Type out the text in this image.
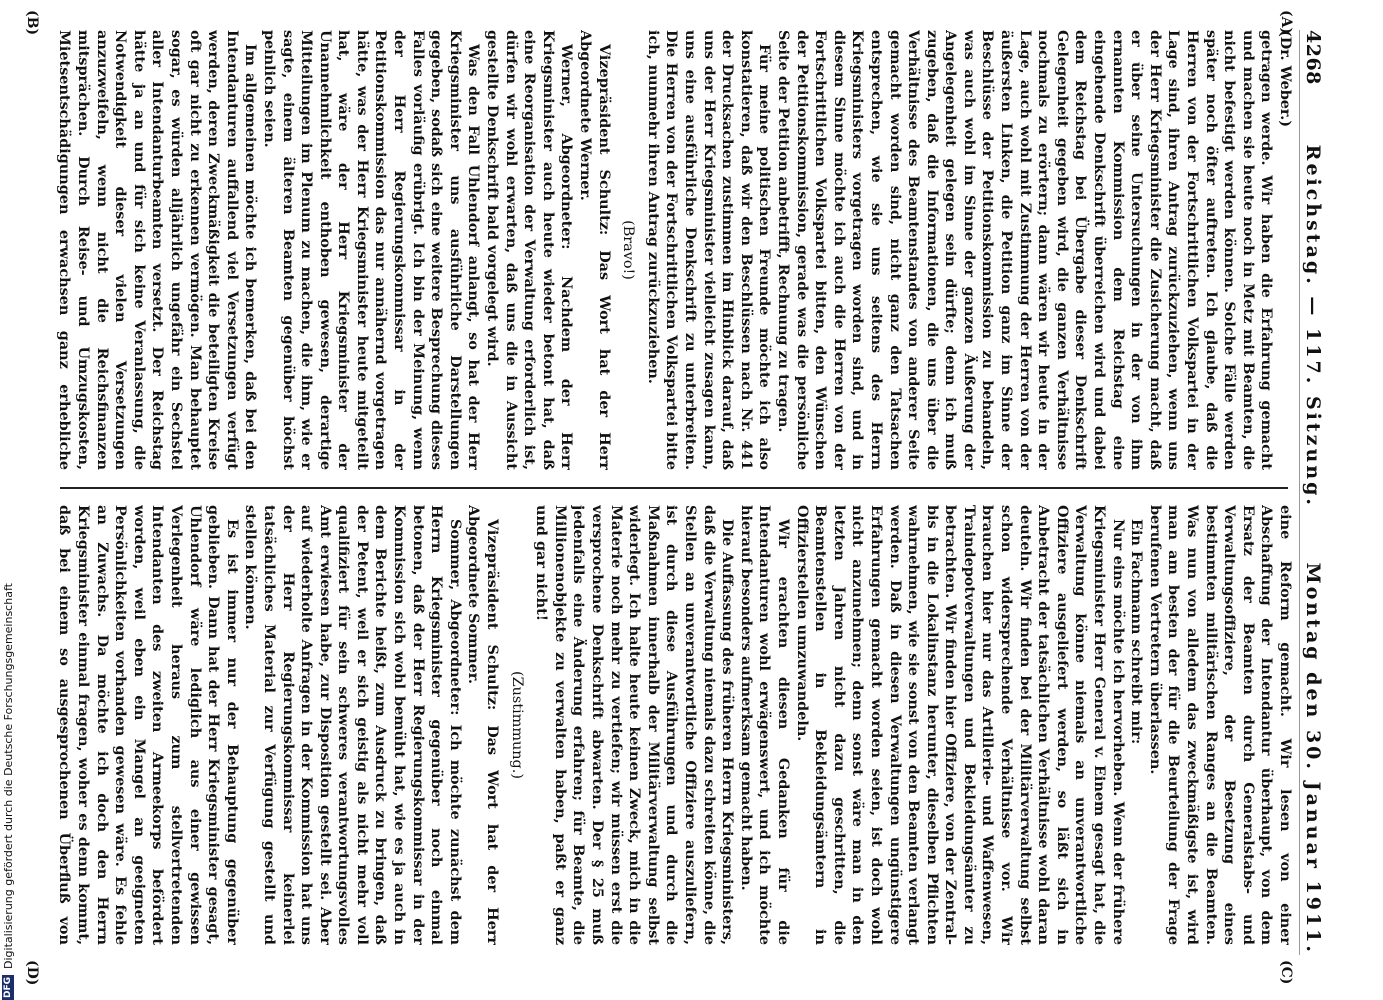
4268
Reichstag. — 117. Sitzung.
Montag den 30. Januar 1911.
(A)
(B)
(C)
(D)

(Dr. Weber.)

getragen werde. Wir haben die Erfahrung gemacht und machen sie heute noch in Metz mit Beamten, die nicht befestigt werden können. Solche Fälle werden später noch öfter auftreten. Ich glaube, daß die Herren von der Fortschrittlichen Volkspartei in der Lage sind, ihren Antrag zurückzuziehen, wenn uns der Herr Kriegsminister die Zusicherung macht, daß er über seine Untersuchungen in der von ihm ernannten Kommission dem Reichstag eine eingehende Denkschrift überreichen wird und dabei dem Reichstag bei Übergabe dieser Denkschrift Gelegenheit gegeben wird, die ganzen Verhältnisse nochmals zu erörtern; dann wären wir heute in der Lage, auch wohl mit Zustimmung der Herren von der äußersten Linken, die Petition ganz im Sinne der Beschlüsse der Petitionskommission zu behandeln, was auch wohl im Sinne der ganzen Äußerung der Angelegenheit gelegen sein dürfte; denn ich muß zugeben, daß die Informationen, die uns über die Verhältnisse des Beamtenstandes von anderer Seite gemacht worden sind, nicht ganz den Tatsachen entsprechen, wie sie uns seitens des Herrn Kriegsministers vorgetragen worden sind, und in diesem Sinne möchte ich auch die Herren von der Fortschrittlichen Volkspartei bitten, den Wünschen der Petitionskommission, gerade was die persönliche Seite der Petition anbetrifft, Rechnung zu tragen.

Für meine politischen Freunde möchte ich also konstatieren, daß wir den Beschlüssen nach Nr. 441 der Drucksachen zustimmen im Hinblick darauf, daß uns der Herr Kriegsminister vielleicht zusagen kann, uns eine ausführliche Denkschrift zu unterbreiten. Die Herren von der Fortschrittlichen Volkspartei bitte ich, nunmehr ihren Antrag zurückzuziehen.

(Bravo!)

Vizepräsident Schultz: Das Wort hat der Herr Abgeordnete Werner.

Werner, Abgeordneter: Nachdem der Herr Kriegsminister auch heute wieder betont hat, daß eine Reorganisation der Verwaltung erforderlich ist, dürfen wir wohl erwarten, daß uns die in Aussicht gestellte Denkschrift bald vorgelegt wird.

Was den Fall Uhlendorf anlangt, so hat der Herr Kriegsminister uns ausführliche Darstellungen gegeben, sodaß sich eine weitere Besprechung dieses Falles vorläufig erübrigt. Ich bin der Meinung, wenn der Herr Regierungskommissar in der Petitionskommission das nur annähernd vorgetragen hätte, was der Herr Kriegsminister heute mitgeteilt hat, wäre der Herr Kriegsminister der Unannehmlichkeit enthoben gewesen, derartige Mitteilungen im Plenum zu machen, die ihm, wie er sagte, einem älteren Beamten gegenüber höchst peinlich seien.

Im allgemeinen möchte ich bemerken, daß bei den Intendanturen auffallend viel Versetzungen verfügt werden, deren Zweckmäßigkeit die beteiligten Kreise oft gar nicht zu erkennen vermögen. Man behauptet sogar, es würden alljährlich ungefähr ein Sechstel aller Intendanturbeamten versetzt. Der Reichstag hätte ja an und für sich keine Veranlassung, die Notwendigkeit dieser vielen Versetzungen anzuzweifeln, wenn nicht die Reichsfinanzen mitsprächen. Durch Reise- und Umzugskosten, Mietsentschädigungen erwachsen ganz erhebliche

eine Reform gemacht. Wir lesen von einer Abschaffung der Intendantur überhaupt, von dem Ersatz der Beamten durch Generalstabs- und Verwaltungsoffiziere, der Besetzung eines bestimmten militärischen Ranges an die Beamten. Was nun von alledem das zweckmäßigste ist, wird man am besten der für die Beurteilung der Frage berufenen Vertretern überlassen.

Ein Fachmann schreibt mir:

Nur eins möchte ich hervorheben. Wenn der frühere Kriegsminister Herr General v. Einem gesagt hat, die Verwaltung könne niemals an unverantwortliche Offiziere ausgeliefert werden, so läßt sich in Anbetracht der tatsächlichen Verhältnisse wohl daran deuteln. Wir finden bei der Militärverwaltung selbst schon widersprechende Verhältnisse vor. Wir brauchen hier nur das Artillerie- und Waffenwesen, Traindepotverwaltungen und Bekleidungsämter zu betrachten. Wir finden hier Offiziere, von der Zentral- bis in die Lokalinstanz herunter, dieselben Pflichten wahrnehmen, wie sie sonst von den Beamten verlangt werden. Daß in diesen Verwaltungen ungünstigere Erfahrungen gemacht worden seien, ist doch wohl nicht anzunehmen; denn sonst wäre man in den letzten Jahren nicht dazu geschritten, die Beamtenstellen in Bekleidungsämtern in Offizierstellen umzuwandeln.

Wir erachten diesen Gedanken für die Intendanturen wohl erwägenswert, und ich möchte hierauf besonders aufmerksam gemacht haben.

Die Auffassung des früheren Herrn Kriegsministers, daß die Verwaltung niemals dazu schreiten könne, die Stellen an unverantwortliche Offiziere auszuliefern, ist durch diese Ausführungen und durch die Maßnahmen innerhalb der Militärverwaltung selbst widerlegt. Ich halte heute keinen Zweck, mich in die Materie noch mehr zu vertiefen; wir müssen erst die versprochene Denkschrift abwarten. Der § 25 muß jedenfalls eine Änderung erfahren; für Beamte, die Millionenobjekte zu verwalten haben, paßt er ganz und gar nicht!

(Zustimmung.)

Vizepräsident Schultz: Das Wort hat der Herr Abgeordnete Sommer.

Sommer, Abgeordneter: Ich möchte zunächst dem Herrn Kriegsminister gegenüber noch einmal betonen, daß der Herr Regierungskommissar in der Kommission sich wohl bemüht hat, wie es ja auch in dem Berichte heißt, zum Ausdruck zu bringen, daß der Petent, weil er sich geistig als nicht mehr voll qualifiziert für sein schweres verantwortungsvolles Amt erwiesen habe, zur Disposition gestellt sei. Aber auf wiederholte Anfragen in der Kommission hat uns der Herr Regierungskommissar keinerlei tatsächliches Material zur Verfügung gestellt und stellen können.

Es ist immer nur der Behauptung gegenüber geblieben. Dann hat der Herr Kriegsminister gesagt, Uhlendorf wäre lediglich aus einer gewissen Verlegenheit heraus zum stellvertretenden Intendanten des zweiten Armeekorps befördert worden, weil eben ein Mangel an geeigneten Persönlichkeiten vorhanden gewesen wäre. Es fehle an Zuwachs. Da möchte ich doch den Herrn Kriegsminister einmal fragen, woher es denn kommt, daß bei einem so ausgesprochenen Überfluß von

DFG
Digitalisierung gefördert durch die Deutsche Forschungsgemeinschaft
